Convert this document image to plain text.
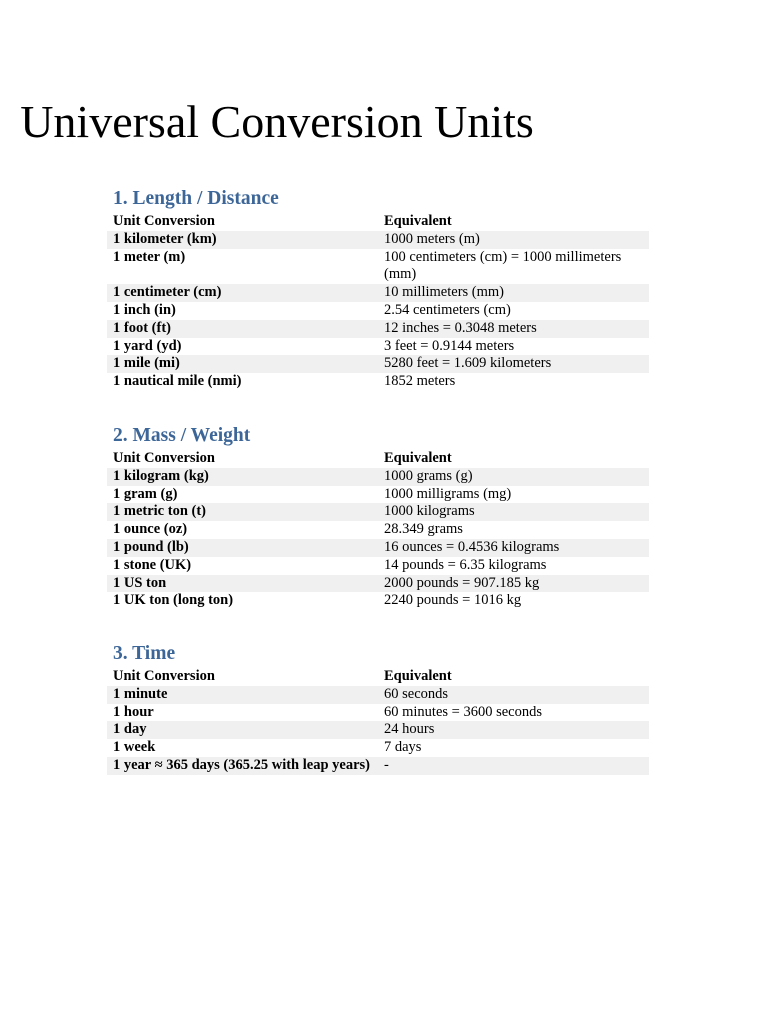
Universal Conversion Units
1. Length / Distance
Unit Conversion	Equivalent
1 kilometer (km)	1000 meters (m)
1 meter (m)	100 centimeters (cm) = 1000 millimeters (mm)
1 centimeter (cm)	10 millimeters (mm)
1 inch (in)	2.54 centimeters (cm)
1 foot (ft)	12 inches = 0.3048 meters
1 yard (yd)	3 feet = 0.9144 meters
1 mile (mi)	5280 feet = 1.609 kilometers
1 nautical mile (nmi)	1852 meters
2. Mass / Weight
Unit Conversion	Equivalent
1 kilogram (kg)	1000 grams (g)
1 gram (g)	1000 milligrams (mg)
1 metric ton (t)	1000 kilograms
1 ounce (oz)	28.349 grams
1 pound (lb)	16 ounces = 0.4536 kilograms
1 stone (UK)	14 pounds = 6.35 kilograms
1 US ton	2000 pounds = 907.185 kg
1 UK ton (long ton)	2240 pounds = 1016 kg
3. Time
Unit Conversion	Equivalent
1 minute	60 seconds
1 hour	60 minutes = 3600 seconds
1 day	24 hours
1 week	7 days
1 year ≈ 365 days (365.25 with leap years)	-
